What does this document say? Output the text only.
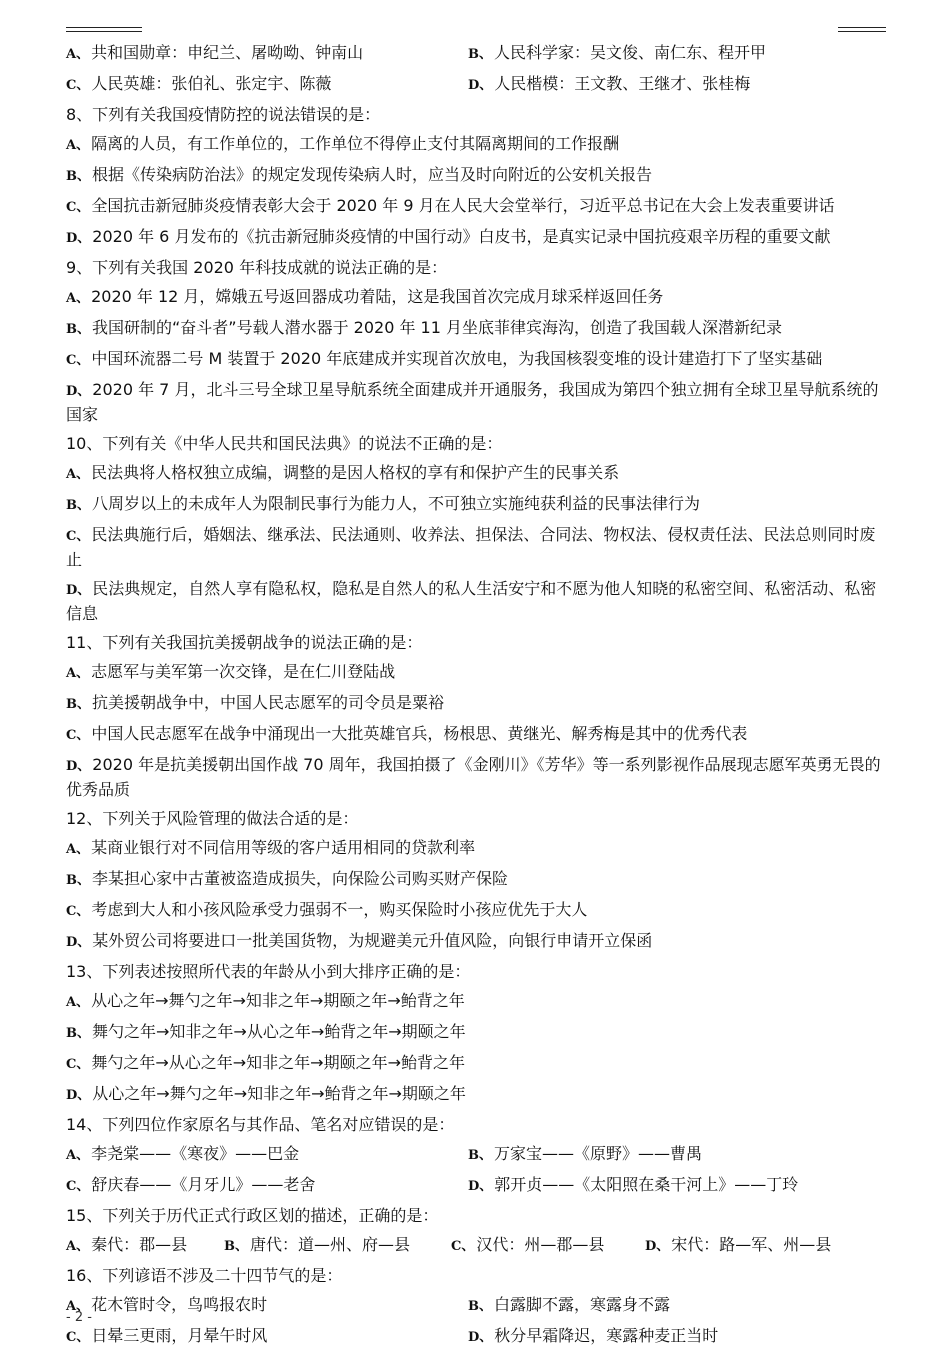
A、 共和国勋章：申纪兰、屠呦呦、钟南山	B、 人民科学家：吴文俊、南仁东、程开甲
C、 人民英雄：张伯礼、张定宇、陈薇	D、 人民楷模：王文教、王继才、张桂梅
8、下列有关我国疫情防控的说法错误的是：
A、 隔离的人员，有工作单位的，工作单位不得停止支付其隔离期间的工作报酬
B、 根据《传染病防治法》的规定发现传染病人时，应当及时向附近的公安机关报告
C、 全国抗击新冠肺炎疫情表彰大会于 2020 年 9 月在人民大会堂举行，习近平总书记在大会上发表重要讲话
D、 2020 年 6 月发布的《抗击新冠肺炎疫情的中国行动》白皮书，是真实记录中国抗疫艰辛历程的重要文献
9、下列有关我国 2020 年科技成就的说法正确的是：
A、 2020 年 12 月，嫦娥五号返回器成功着陆，这是我国首次完成月球采样返回任务
B、 我国研制的“奋斗者”号载人潜水器于 2020 年 11 月坐底菲律宾海沟，创造了我国载人深潜新纪录
C、 中国环流器二号 M 装置于 2020 年底建成并实现首次放电，为我国核裂变堆的设计建造打下了坚实基础
D、 2020 年 7 月，北斗三号全球卫星导航系统全面建成并开通服务，我国成为第四个独立拥有全球卫星导航系统的国家
10、下列有关《中华人民共和国民法典》的说法不正确的是：
A、 民法典将人格权独立成编，调整的是因人格权的享有和保护产生的民事关系
B、 八周岁以上的未成年人为限制民事行为能力人，不可独立实施纯获利益的民事法律行为
C、 民法典施行后，婚姻法、继承法、民法通则、收养法、担保法、合同法、物权法、侵权责任法、民法总则同时废止
D、 民法典规定，自然人享有隐私权，隐私是自然人的私人生活安宁和不愿为他人知晓的私密空间、私密活动、私密信息
11、下列有关我国抗美援朝战争的说法正确的是：
A、 志愿军与美军第一次交锋，是在仁川登陆战
B、 抗美援朝战争中，中国人民志愿军的司令员是粟裕
C、 中国人民志愿军在战争中涌现出一大批英雄官兵，杨根思、黄继光、解秀梅是其中的优秀代表
D、 2020 年是抗美援朝出国作战 70 周年，我国拍摄了《金刚川》《芳华》等一系列影视作品展现志愿军英勇无畏的优秀品质
12、下列关于风险管理的做法合适的是：
A、 某商业银行对不同信用等级的客户适用相同的贷款利率
B、 李某担心家中古董被盗造成损失，向保险公司购买财产保险
C、 考虑到大人和小孩风险承受力强弱不一，购买保险时小孩应优先于大人
D、 某外贸公司将要进口一批美国货物，为规避美元升值风险，向银行申请开立保函
13、下列表述按照所代表的年龄从小到大排序正确的是：
A、 从心之年→舞勺之年→知非之年→期颐之年→鲐背之年
B、 舞勺之年→知非之年→从心之年→鲐背之年→期颐之年
C、 舞勺之年→从心之年→知非之年→期颐之年→鲐背之年
D、 从心之年→舞勺之年→知非之年→鲐背之年→期颐之年
14、下列四位作家原名与其作品、笔名对应错误的是：
A、 李尧棠——《寒夜》——巴金	B、 万家宝——《原野》——曹禺
C、 舒庆春——《月牙儿》——老舍	D、 郭开贞——《太阳照在桑干河上》——丁玲
15、下列关于历代正式行政区划的描述，正确的是：
A、 秦代：郡—县	B、 唐代：道—州、府—县	C、 汉代：州—郡—县	D、 宋代：路—军、州—县
16、下列谚语不涉及二十四节气的是：
A、 花木管时令，鸟鸣报农时	B、 白露脚不露，寒露身不露
C、 日晕三更雨，月晕午时风	D、 秋分早霜降迟，寒露种麦正当时
- 2 -
